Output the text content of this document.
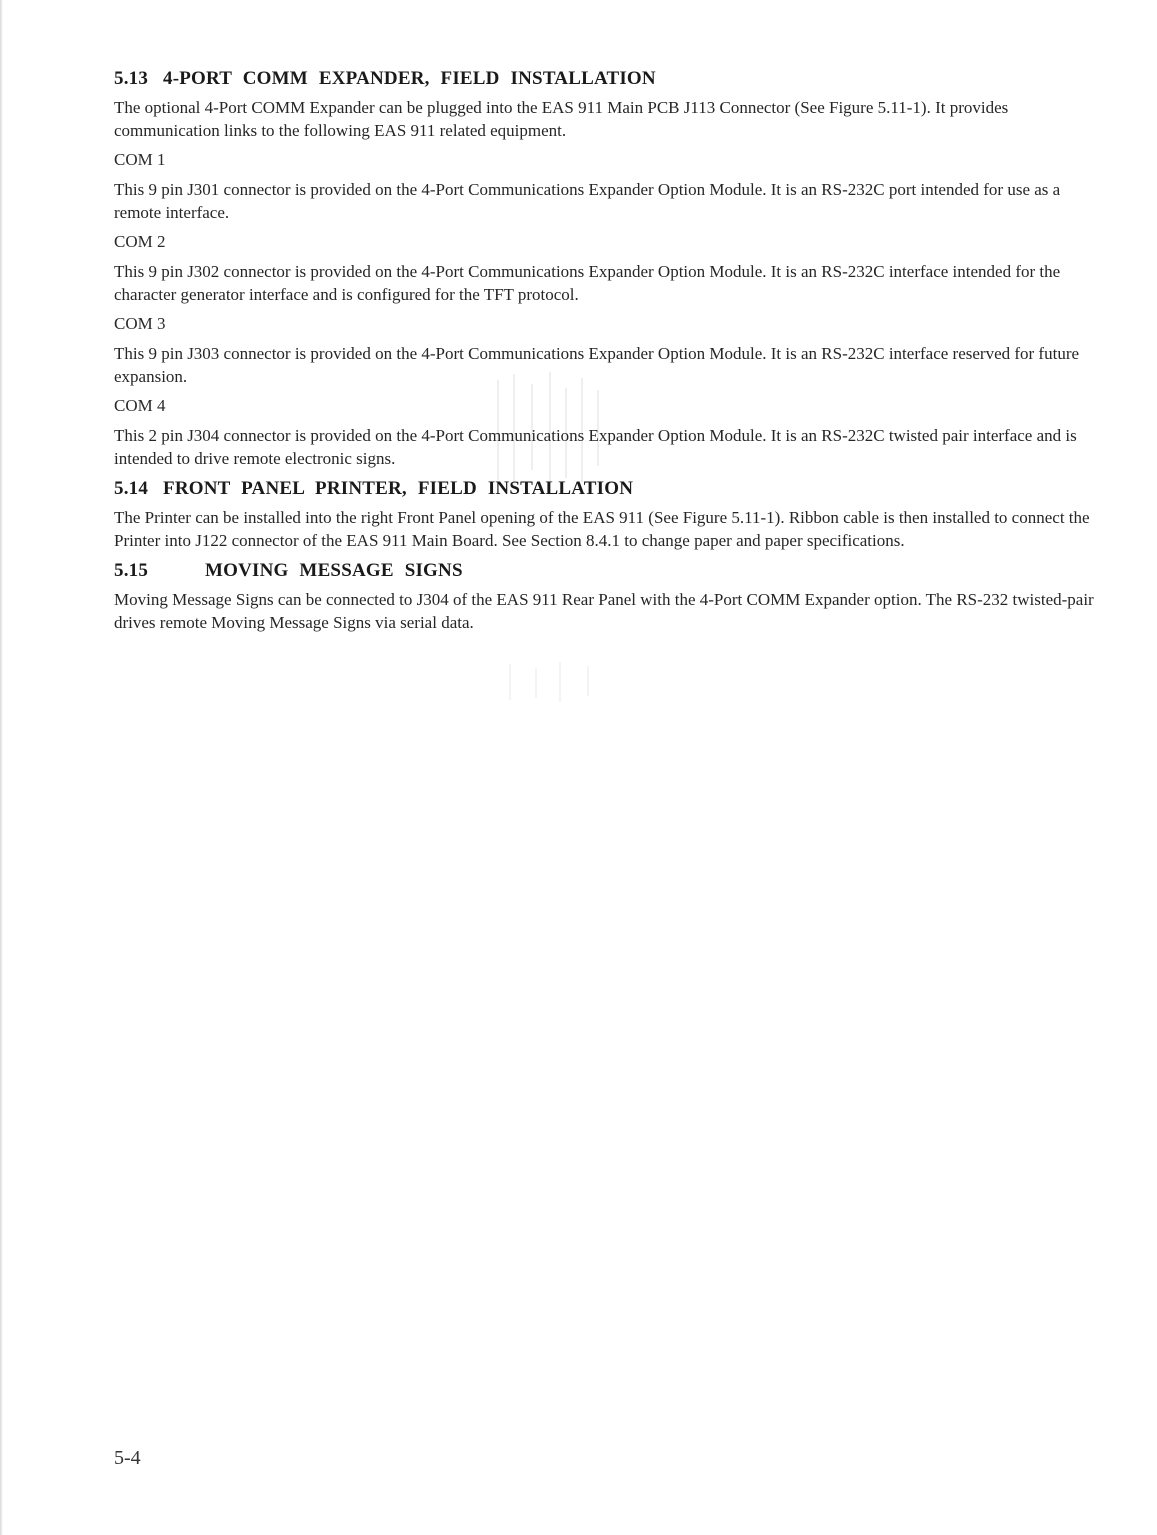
5.13 4-PORT COMM EXPANDER, FIELD INSTALLATION

The optional 4-Port COMM Expander can be plugged into the EAS 911 Main PCB J113 Connector (See Figure 5.11-1). It provides communication links to the following EAS 911 related equipment.

COM 1

This 9 pin J301 connector is provided on the 4-Port Communications Expander Option Module. It is an RS-232C port intended for use as a remote interface.

COM 2

This 9 pin J302 connector is provided on the 4-Port Communications Expander Option Module. It is an RS-232C interface intended for the character generator interface and is configured for the TFT protocol.

COM 3

This 9 pin J303 connector is provided on the 4-Port Communications Expander Option Module. It is an RS-232C interface reserved for future expansion.

COM 4

This 2 pin J304 connector is provided on the 4-Port Communications Expander Option Module. It is an RS-232C twisted pair interface and is intended to drive remote electronic signs.

5.14 FRONT PANEL PRINTER, FIELD INSTALLATION

The Printer can be installed into the right Front Panel opening of the EAS 911 (See Figure 5.11-1). Ribbon cable is then installed to connect the Printer into J122 connector of the EAS 911 Main Board. See Section 8.4.1 to change paper and paper specifications.

5.15	MOVING MESSAGE SIGNS

Moving Message Signs can be connected to J304 of the EAS 911 Rear Panel with the 4-Port COMM Expander option. The RS-232 twisted-pair drives remote Moving Message Signs via serial data.

5-4
